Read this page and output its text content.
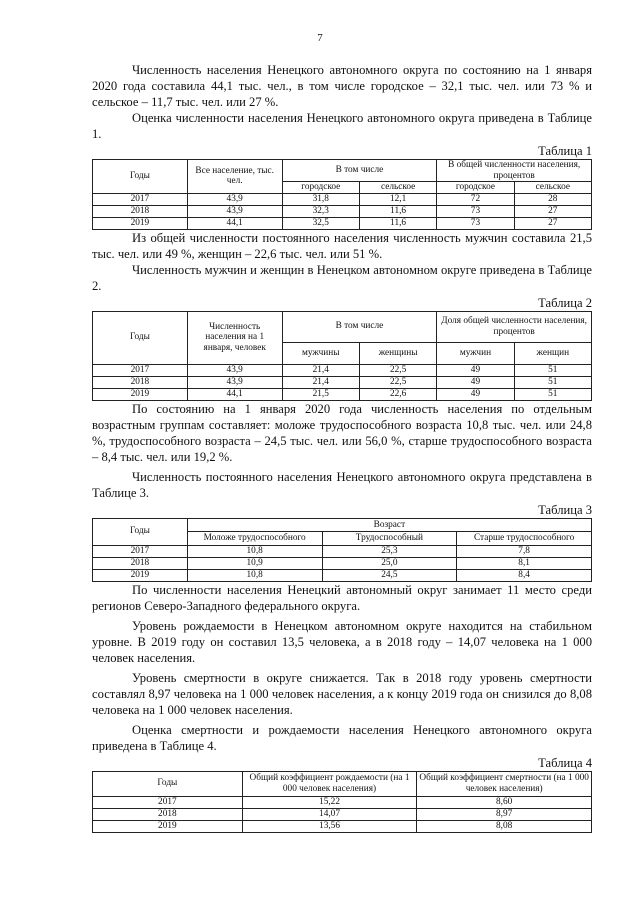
7

Численность населения Ненецкого автономного округа по состоянию на 1 января 2020 года составила 44,1 тыс. чел., в том числе городское – 32,1 тыс. чел. или 73 % и сельское – 11,7 тыс. чел. или 27 %.

Оценка численности населения Ненецкого автономного округа приведена в Таблице 1.

Таблица 1
Годы	Все население, тыс. чел.	В том числе		В общей численности населения, процентов	
		городское	сельское	городское	сельское
2017	43,9	31,8	12,1	72	28
2018	43,9	32,3	11,6	73	27
2019	44,1	32,5	11,6	73	27

Из общей численности постоянного населения численность мужчин составила 21,5 тыс. чел. или 49 %, женщин – 22,6 тыс. чел. или 51 %.

Численность мужчин и женщин в Ненецком автономном округе приведена в Таблице 2.

Таблица 2
Годы	Численность населения на 1 января, человек	В том числе		Доля общей численности населения, процентов	
		мужчины	женщины	мужчин	женщин
2017	43,9	21,4	22,5	49	51
2018	43,9	21,4	22,5	49	51
2019	44,1	21,5	22,6	49	51

По состоянию на 1 января 2020 года численность населения по отдельным возрастным группам составляет: моложе трудоспособного возраста 10,8 тыс. чел. или 24,8 %, трудоспособного возраста – 24,5 тыс. чел. или 56,0 %, старше трудоспособного возраста – 8,4 тыс. чел. или 19,2 %.

Численность постоянного населения Ненецкого автономного округа представлена в Таблице 3.

Таблица 3
Годы	Возраст		
	Моложе трудоспособного	Трудоспособный	Старше трудоспособного
2017	10,8	25,3	7,8
2018	10,9	25,0	8,1
2019	10,8	24,5	8,4

По численности населения Ненецкий автономный округ занимает 11 место среди регионов Северо-Западного федерального округа.

Уровень рождаемости в Ненецком автономном округе находится на стабильном уровне. В 2019 году он составил 13,5 человека, а в 2018 году – 14,07 человека на 1 000 человек населения.

Уровень смертности в округе снижается. Так в 2018 году уровень смертности составлял 8,97 человека на 1 000 человек населения, а к концу 2019 года он снизился до 8,08 человека на 1 000 человек населения.

Оценка смертности и рождаемости населения Ненецкого автономного округа приведена в Таблице 4.

Таблица 4
Годы	Общий коэффициент рождаемости (на 1 000 человек населения)	Общий коэффициент смертности (на 1 000 человек населения)
2017	15,22	8,60
2018	14,07	8,97
2019	13,56	8,08
